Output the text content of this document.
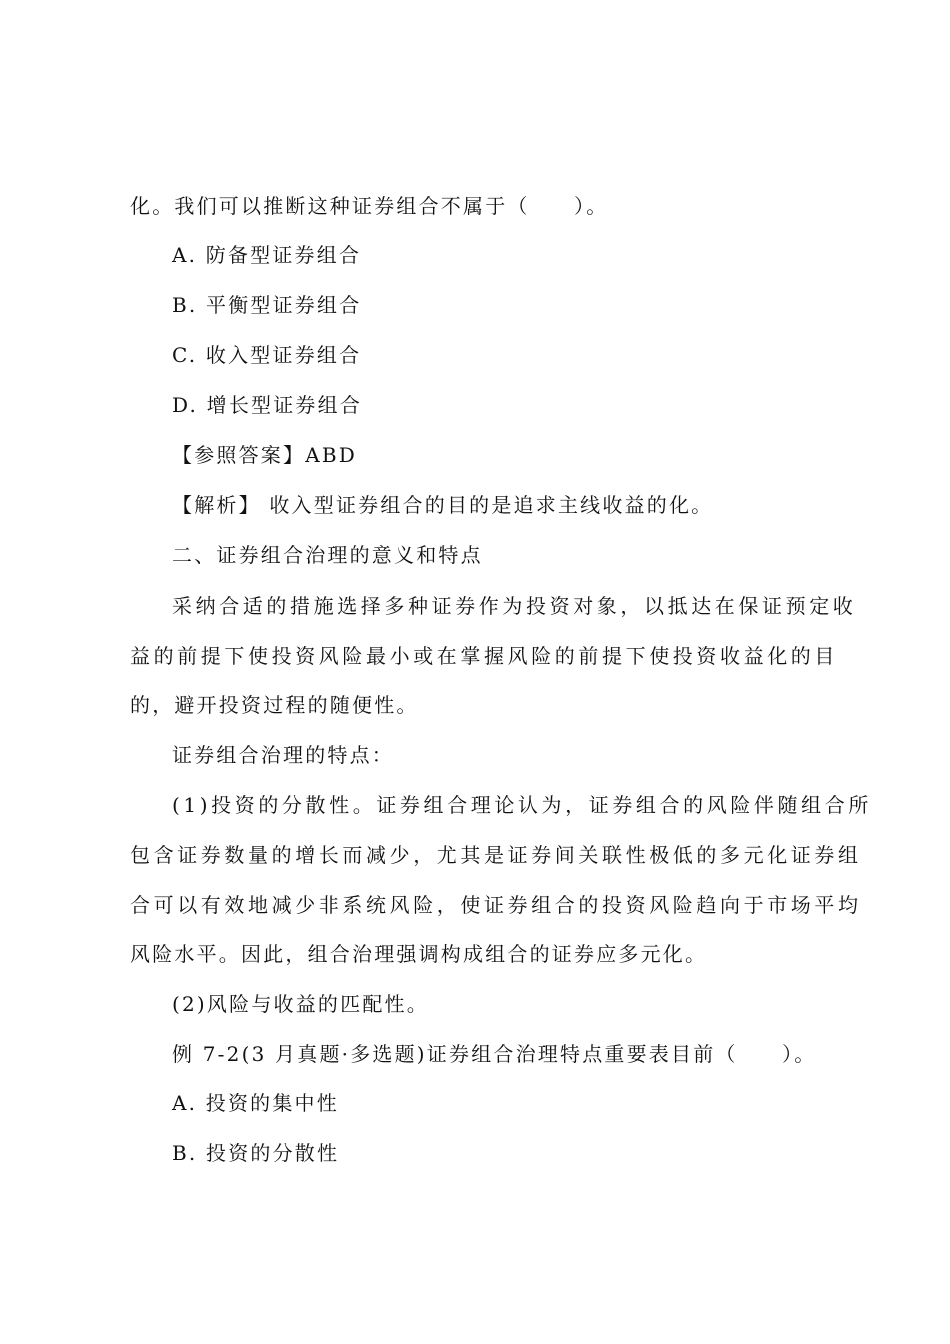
化。我们可以推断这种证券组合不属于（　　）。
A. 防备型证券组合
B. 平衡型证券组合
C. 收入型证券组合
D. 增长型证券组合
【参照答案】ABD
【解析】 收入型证券组合的目的是追求主线收益的化。
二、证券组合治理的意义和特点
采纳合适的措施选择多种证券作为投资对象，以抵达在保证预定收
益的前提下使投资风险最小或在掌握风险的前提下使投资收益化的目
的，避开投资过程的随便性。
证券组合治理的特点：
(1)投资的分散性。证券组合理论认为，证券组合的风险伴随组合所
包含证券数量的增长而减少，尤其是证券间关联性极低的多元化证券组
合可以有效地减少非系统风险，使证券组合的投资风险趋向于市场平均
风险水平。因此，组合治理强调构成组合的证券应多元化。
(2)风险与收益的匹配性。
例 7-2(3 月真题·多选题)证券组合治理特点重要表目前（　　）。
A. 投资的集中性
B. 投资的分散性
